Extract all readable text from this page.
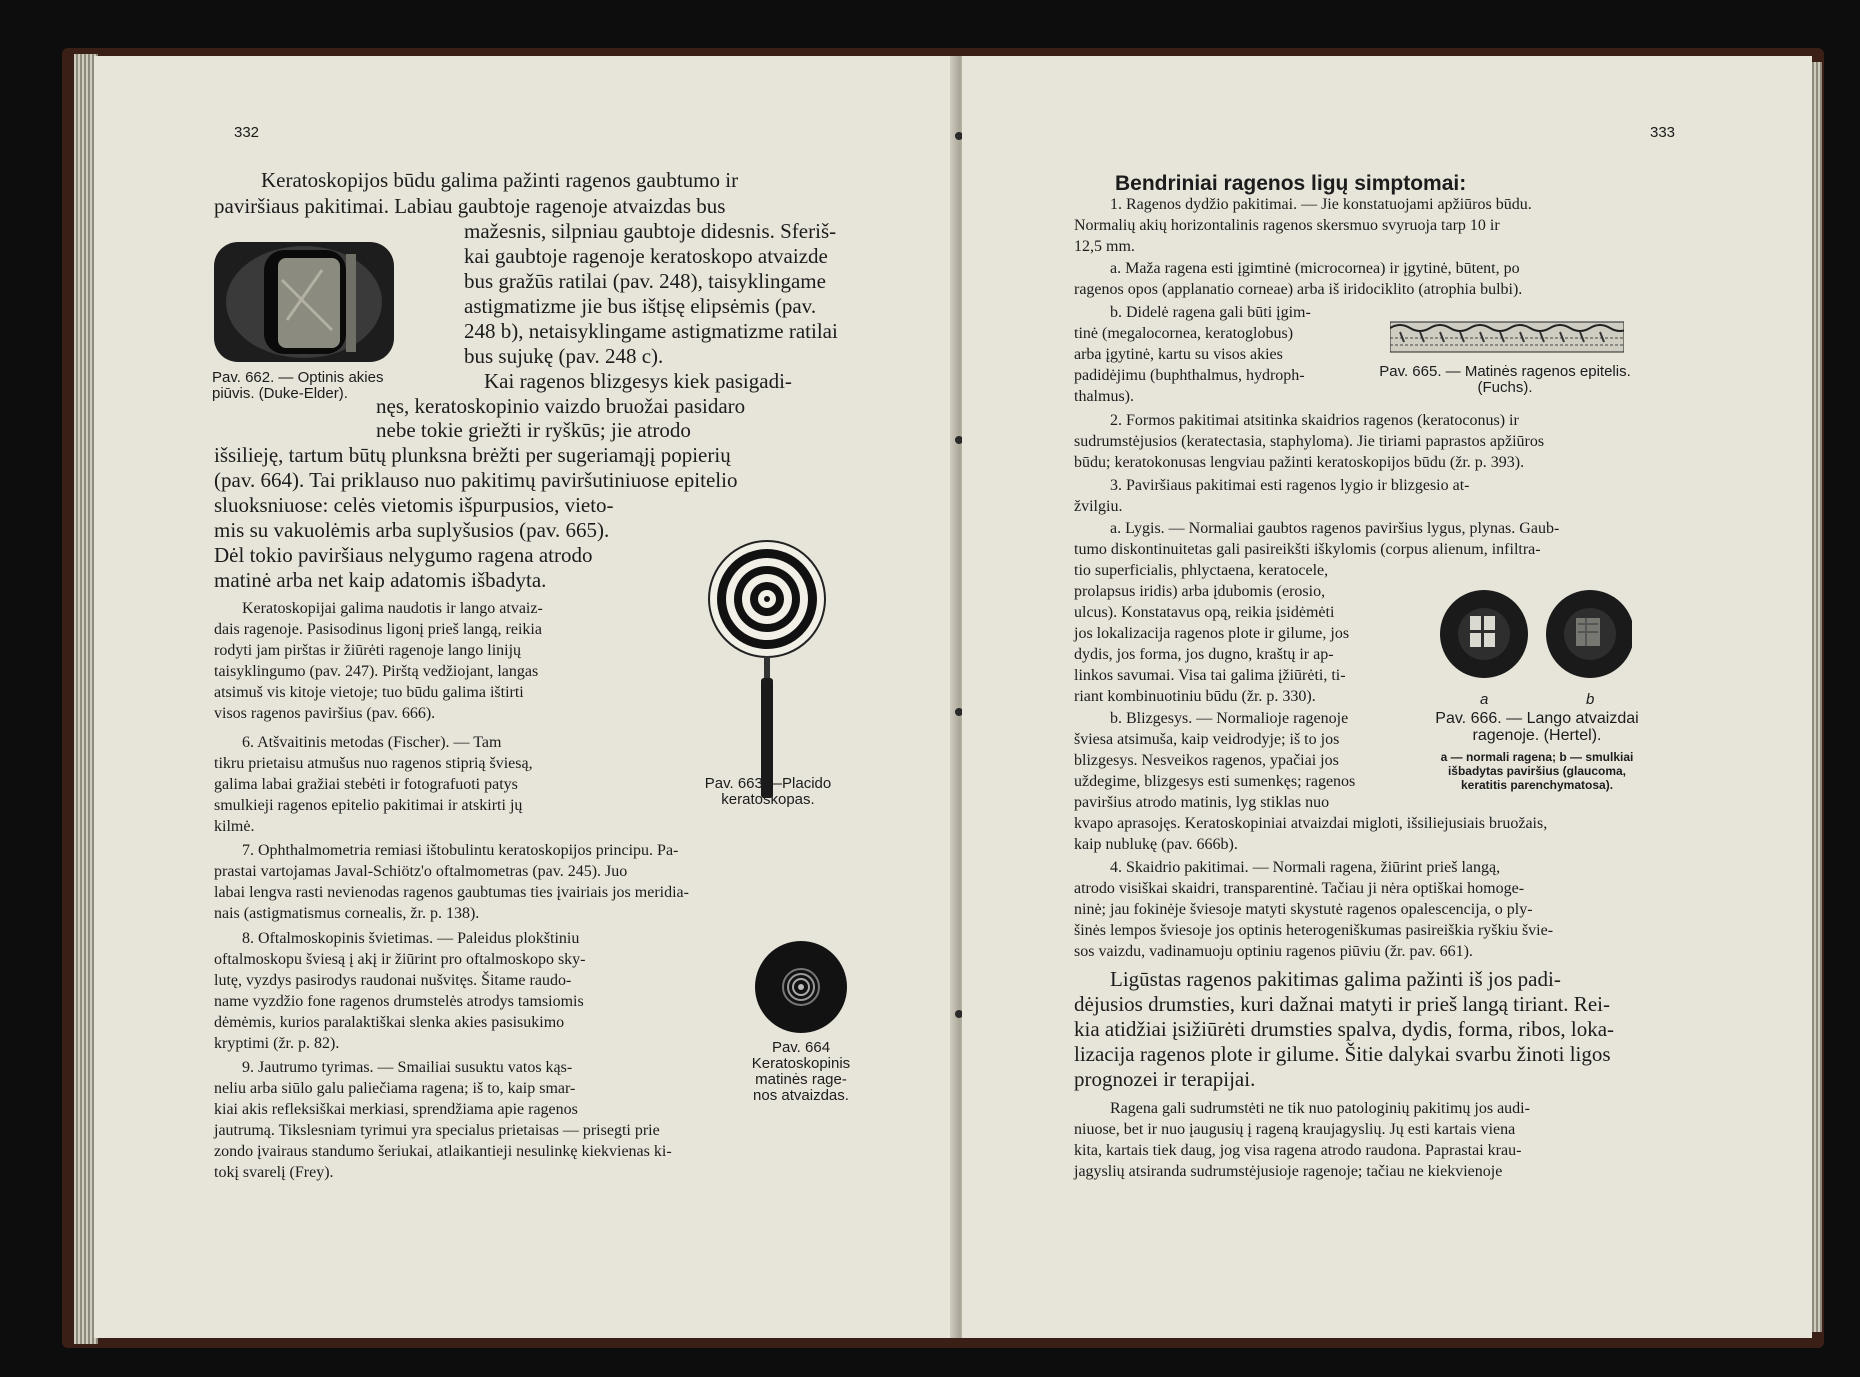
332
Keratoskopijos būdu galima pažinti ragenos gaubtumo ir
paviršiaus pakitimai. Labiau gaubtoje ragenoje atvaizdas bus
mažesnis, silpniau gaubtoje didesnis. Sferiš-
kai gaubtoje ragenoje keratoskopo atvaizde
bus gražūs ratilai (pav. 248), taisyklingame
astigmatizme jie bus ištįsę elipsėmis (pav.
248 b), netaisyklingame astigmatizme ratilai
bus sujukę (pav. 248 c).
Pav. 662. — Optinis akies
piūvis. (Duke-Elder).
Kai ragenos blizgesys kiek pasigadi-
nęs, keratoskopinio vaizdo bruožai pasidaro
nebe tokie griežti ir ryškūs; jie atrodo
išsilieję, tartum būtų plunksna brėžti per sugeriamąjį popierių
(pav. 664). Tai priklauso nuo pakitimų paviršutiniuose epitelio
sluoksniuose: celės vietomis išpurpusios, vieto-
mis su vakuolėmis arba suplyšusios (pav. 665).
Dėl tokio paviršiaus nelygumo ragena atrodo
matinė arba net kaip adatomis išbadyta.
Keratoskopijai galima naudotis ir lango atvaiz-
dais ragenoje. Pasisodinus ligonį prieš langą, reikia
rodyti jam pirštas ir žiūrėti ragenoje lango linijų
taisyklingumo (pav. 247). Pirštą vedžiojant, langas
atsimuš vis kitoje vietoje; tuo būdu galima ištirti
visos ragenos paviršius (pav. 666).
Pav. 663.—Placido
keratoskopas.
6. Atšvaitinis metodas (Fischer). — Tam
tikru prietaisu atmušus nuo ragenos stiprią šviesą,
galima labai gražiai stebėti ir fotografuoti patys
smulkieji ragenos epitelio pakitimai ir atskirti jų
kilmė.
7. Ophthalmometria remiasi ištobulintu keratoskopijos principu. Pa-
prastai vartojamas Javal-Schiötz'o oftalmometras (pav. 245). Juo
labai lengva rasti nevienodas ragenos gaubtumas ties įvairiais jos meridia-
nais (astigmatismus cornealis, žr. p. 138).
8. Oftalmoskopinis švietimas. — Paleidus plokštiniu
oftalmoskopu šviesą į akį ir žiūrint pro oftalmoskopo sky-
lutę, vyzdys pasirodys raudonai nušvitęs. Šitame raudo-
name vyzdžio fone ragenos drumstelės atrodys tamsiomis
dėmėmis, kurios paralaktiškai slenka akies pasisukimo
kryptimi (žr. p. 82).	Pav. 664
Keratoskopinis
matinės rage-
nos atvaizdas.
9. Jautrumo tyrimas. — Smailiai susuktu vatos kąs-
neliu arba siūlo galu paliečiama ragena; iš to, kaip smar-
kiai akis refleksiškai merkiasi, sprendžiama apie ragenos
jautrumą. Tikslesniam tyrimui yra specialus prietaisas — prisegti prie
zondo įvairaus standumo šeriukai, atlaikantieji nesulinkę kiekvienas ki-
tokį svarelį (Frey).
333
Bendriniai ragenos ligų simptomai:
1. Ragenos dydžio pakitimai. — Jie konstatuojami apžiūros būdu.
Normalių akių horizontalinis ragenos skersmuo svyruoja tarp 10 ir
12,5 mm.
a. Maža ragena esti įgimtinė (microcornea) ir įgytinė, būtent, po
ragenos opos (applanatio corneae) arba iš iridociklito (atrophia bulbi).
b. Didelė ragena gali būti įgim-
tinė (megalocornea, keratoglobus)
arba įgytinė, kartu su visos akies
padidėjimu (buphthalmus, hydroph-
thalmus).
Pav. 665. — Matinės ragenos epitelis.
(Fuchs).
2. Formos pakitimai atsitinka skaidrios ragenos (keratoconus) ir
sudrumstėjusios (keratectasia, staphyloma). Jie tiriami paprastos apžiūros
būdu; keratokonusas lengviau pažinti keratoskopijos būdu (žr. p. 393).
3. Paviršiaus pakitimai esti ragenos lygio ir blizgesio at-
žvilgiu.
a. Lygis. — Normaliai gaubtos ragenos paviršius lygus, plynas. Gaub-
tumo diskontinuitetas gali pasireikšti iškylomis (corpus alienum, infiltra-
tio superficialis, phlyctaena, keratocele,
prolapsus iridis) arba įdubomis (erosio,
ulcus). Konstatavus opą, reikia įsidėmėti
jos lokalizacija ragenos plote ir gilume, jos
dydis, jos forma, jos dugno, kraštų ir ap-
linkos savumai. Visa tai galima įžiūrėti, ti-
riant kombinuotiniu būdu (žr. p. 330).	a	b
Pav. 666. — Lango atvaizdai
ragenoje. (Hertel).
a — normali ragena; b — smulkiai
išbadytas paviršius (glaucoma,
keratitis parenchymatosa).
b. Blizgesys. — Normalioje ragenoje
šviesa atsimuša, kaip veidrodyje; iš to jos
blizgesys. Nesveikos ragenos, ypačiai jos
uždegime, blizgesys esti sumenkęs; ragenos
paviršius atrodo matinis, lyg stiklas nuo
kvapo aprasojęs. Keratoskopiniai atvaizdai migloti, išsiliejusiais bruožais,
kaip nublukę (pav. 666b).
4. Skaidrio pakitimai. — Normali ragena, žiūrint prieš langą,
atrodo visiškai skaidri, transparentinė. Tačiau ji nėra optiškai homoge-
ninė; jau fokinėje šviesoje matyti skystutė ragenos opalescencija, o ply-
šinės lempos šviesoje jos optinis heterogeniškumas pasireiškia ryškiu švie-
sos vaizdu, vadinamuoju optiniu ragenos piūviu (žr. pav. 661).
Ligūstas ragenos pakitimas galima pažinti iš jos padi-
dėjusios drumsties, kuri dažnai matyti ir prieš langą tiriant. Rei-
kia atidžiai įsižiūrėti drumsties spalva, dydis, forma, ribos, loka-
lizacija ragenos plote ir gilume. Šitie dalykai svarbu žinoti ligos
prognozei ir terapijai.
Ragena gali sudrumstėti ne tik nuo patologinių pakitimų jos audi-
niuose, bet ir nuo įaugusių į rageną kraujagyslių. Jų esti kartais viena
kita, kartais tiek daug, jog visa ragena atrodo raudona. Paprastai krau-
jagyslių atsiranda sudrumstėjusioje ragenoje; tačiau ne kiekvienoje
